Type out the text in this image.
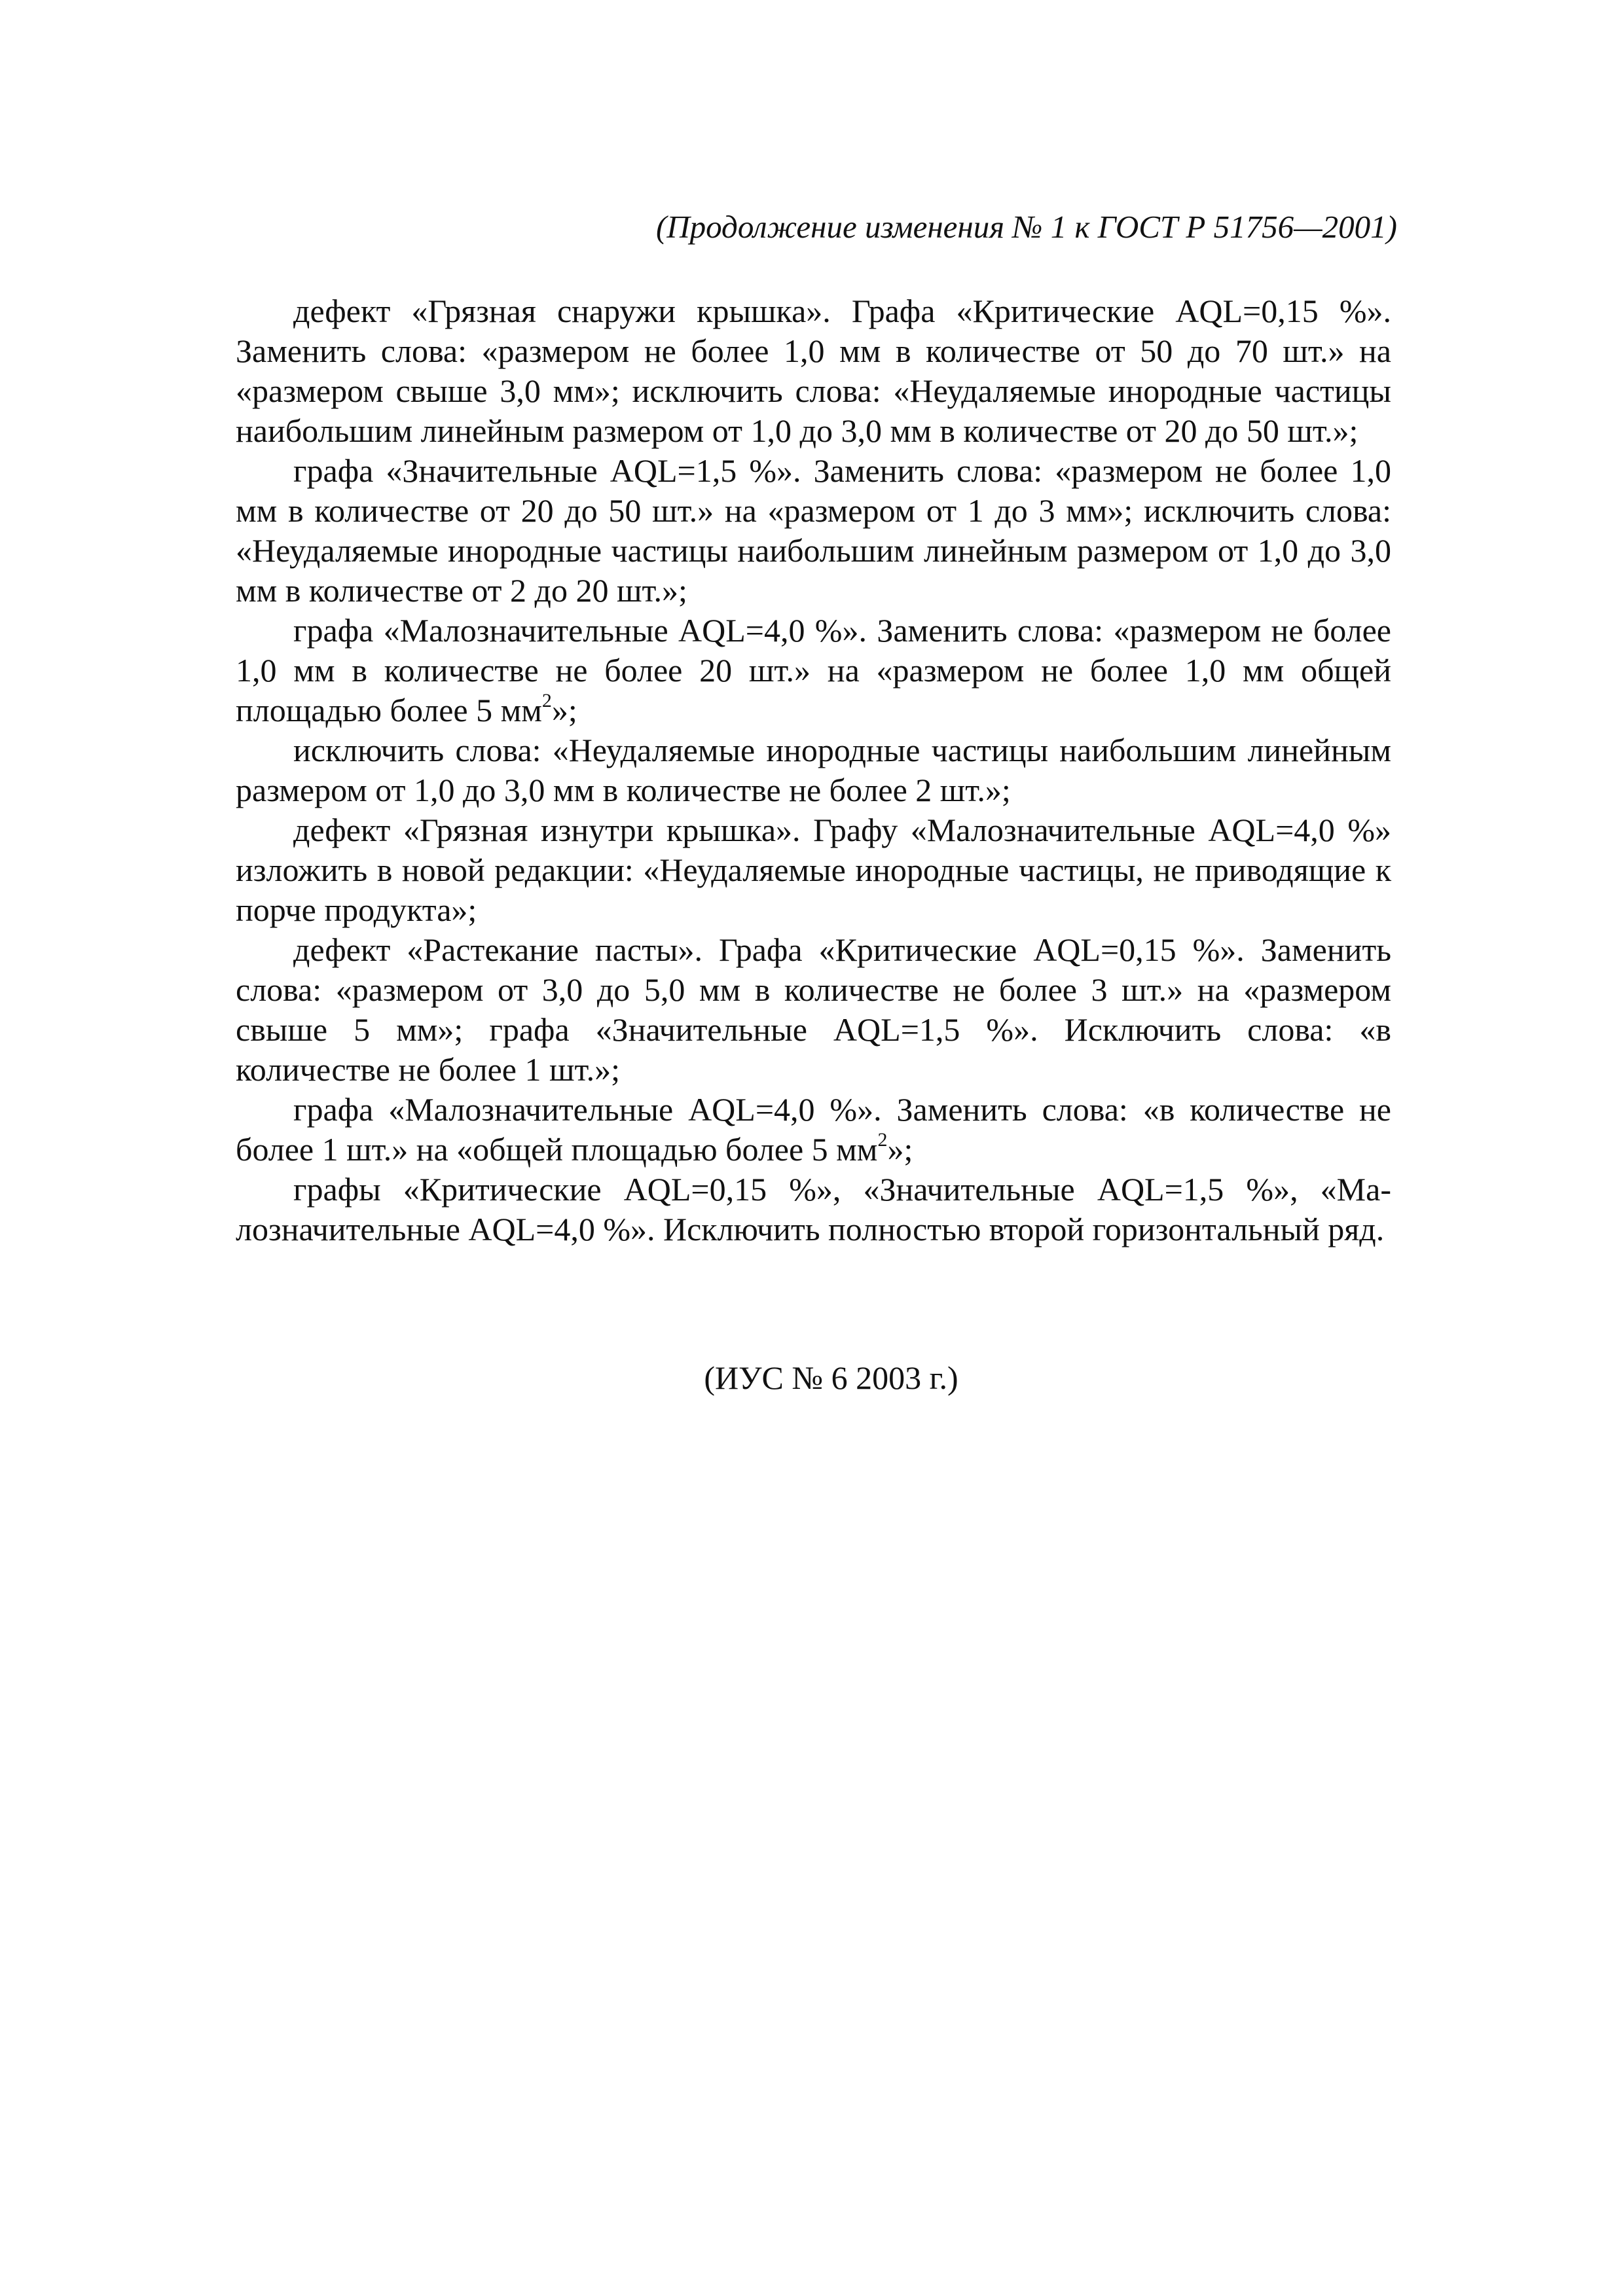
(Продолжение изменения № 1 к ГОСТ Р 51756—2001)

дефект «Грязная снаружи крышка». Графа «Критические AQL=0,15 %». Заменить слова: «размером не более 1,0 мм в количестве от 50 до 70 шт.» на «размером свыше 3,0 мм»; исключить слова: «Неудаляемые инородные частицы наибольшим линейным размером от 1,0 до 3,0 мм в количестве от 20 до 50 шт.»;

графа «Значительные AQL=1,5 %». Заменить слова: «размером не более 1,0 мм в количестве от 20 до 50 шт.» на «размером от 1 до 3 мм»; исключить слова: «Неудаляемые инородные частицы наибольшим линейным размером от 1,0 до 3,0 мм в количестве от 2 до 20 шт.»;

графа «Малозначительные AQL=4,0 %». Заменить слова: «размером не более 1,0 мм в количестве не более 20 шт.» на «размером не более 1,0 мм общей площадью более 5 $мм^2$»;

исключить слова: «Неудаляемые инородные частицы наибольшим линейным размером от 1,0 до 3,0 мм в количестве не более 2 шт.»;

дефект «Грязная изнутри крышка». Графу «Малозначительные AQL=4,0 %» изложить в новой редакции: «Неудаляемые инородные частицы, не приводящие к порче продукта»;

дефект «Растекание пасты». Графа «Критические AQL=0,15 %». Заменить слова: «размером от 3,0 до 5,0 мм в количестве не более 3 шт.» на «размером свыше 5 мм»; графа «Значительные AQL=1,5 %». Исключить слова: «в количестве не более 1 шт.»;

графа «Малозначительные AQL=4,0 %». Заменить слова: «в количестве не более 1 шт.» на «общей площадью более 5 $мм^2$»;

графы «Критические AQL=0,15 %», «Значительные AQL=1,5 %», «Малозначительные AQL=4,0 %». Исключить полностью второй горизонтальный ряд.

(ИУС № 6 2003 г.)
